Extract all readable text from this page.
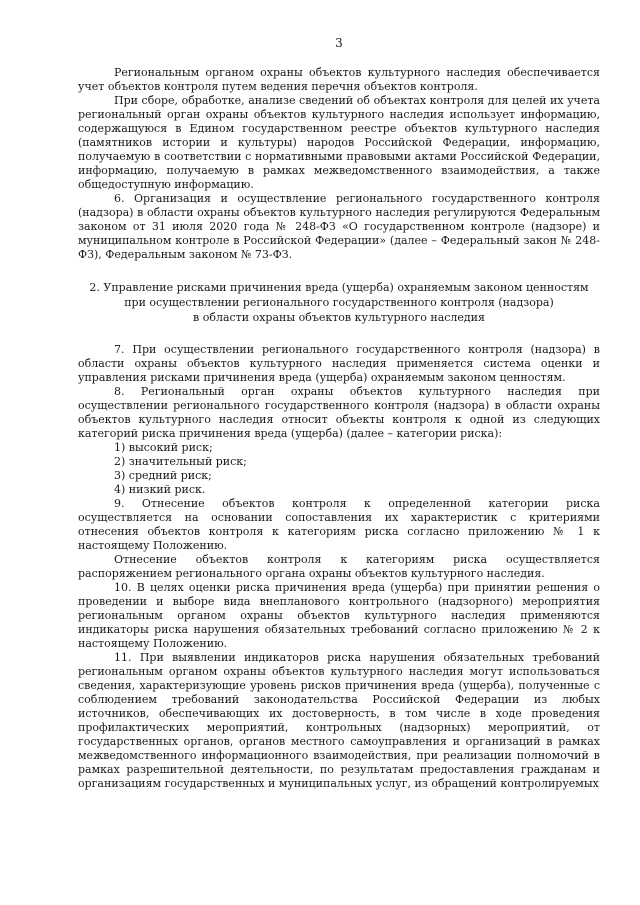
3

Региональным органом охраны объектов культурного наследия обеспечивается учет объектов контроля путем ведения перечня объектов контроля.

При сборе, обработке, анализе сведений об объектах контроля для целей их учета региональный орган охраны объектов культурного наследия использует информацию, содержащуюся в Едином государственном реестре объектов культурного наследия (памятников истории и культуры) народов Российской Федерации, информацию, получаемую в соответствии с нормативными правовыми актами Российской Федерации, информацию, получаемую в рамках межведомственного взаимодействия, а также общедоступную информацию.

6. Организация и осуществление регионального государственного контроля (надзора) в области охраны объектов культурного наследия регулируются Федеральным законом от 31 июля 2020 года № 248-ФЗ «О государственном контроле (надзоре) и муниципальном контроле в Российской Федерации» (далее – Федеральный закон № 248-ФЗ), Федеральным законом № 73-ФЗ.

2. Управление рисками причинения вреда (ущерба) охраняемым законом ценностям
при осуществлении регионального государственного контроля (надзора)
в области охраны объектов культурного наследия

7. При осуществлении регионального государственного контроля (надзора) в области охраны объектов культурного наследия применяется система оценки и управления рисками причинения вреда (ущерба) охраняемым законом ценностям.

8. Региональный орган охраны объектов культурного наследия при осуществлении регионального государственного контроля (надзора) в области охраны объектов культурного наследия относит объекты контроля к одной из следующих категорий риска причинения вреда (ущерба) (далее – категории риска):

1) высокий риск;

2) значительный риск;

3) средний риск;

4) низкий риск.

9. Отнесение объектов контроля к определенной категории риска осуществляется на основании сопоставления их характеристик с критериями отнесения объектов контроля к категориям риска согласно приложению № 1 к настоящему Положению.

Отнесение объектов контроля к категориям риска осуществляется распоряжением регионального органа охраны объектов культурного наследия.

10. В целях оценки риска причинения вреда (ущерба) при принятии решения о проведении и выборе вида внепланового контрольного (надзорного) мероприятия региональным органом охраны объектов культурного наследия применяются индикаторы риска нарушения обязательных требований согласно приложению № 2 к настоящему Положению.

11. При выявлении индикаторов риска нарушения обязательных требований региональным органом охраны объектов культурного наследия могут использоваться сведения, характеризующие уровень рисков причинения вреда (ущерба), полученные с соблюдением требований законодательства Российской Федерации из любых источников, обеспечивающих их достоверность, в том числе в ходе проведения профилактических мероприятий, контрольных (надзорных) мероприятий, от государственных органов, органов местного самоуправления и организаций в рамках межведомственного информационного взаимодействия, при реализации полномочий в рамках разрешительной деятельности, по результатам предоставления гражданам и организациям государственных и муниципальных услуг, из обращений контролируемых
